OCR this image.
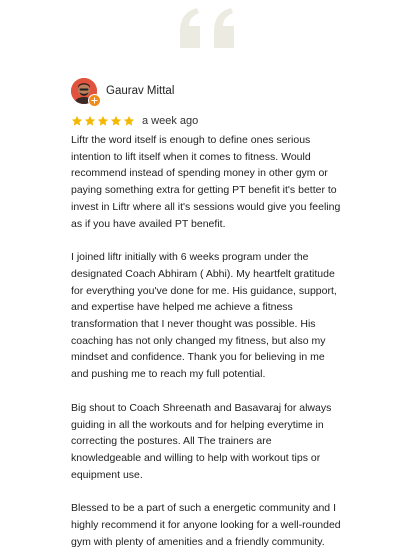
Gaurav Mittal
a week ago

Liftr the word itself is enough to define ones serious intention to lift itself when it comes to fitness. Would recommend instead of spending money in other gym or paying something extra for getting PT benefit it's better to invest in Liftr where all it's sessions would give you feeling as if you have availed PT benefit.

I joined liftr initially with 6 weeks program under the designated Coach Abhiram ( Abhi). My heartfelt gratitude for everything you've done for me. His guidance, support, and expertise have helped me achieve a fitness transformation that I never thought was possible. His coaching has not only changed my fitness, but also my mindset and confidence. Thank you for believing in me and pushing me to reach my full potential.

Big shout to Coach Shreenath and Basavaraj for always guiding in all the workouts and for helping everytime in correcting the postures. All The trainers are knowledgeable and willing to help with workout tips or equipment use.

Blessed to be a part of such a energetic community and I highly recommend it for anyone looking for a well-rounded gym with plenty of amenities and a friendly community.
